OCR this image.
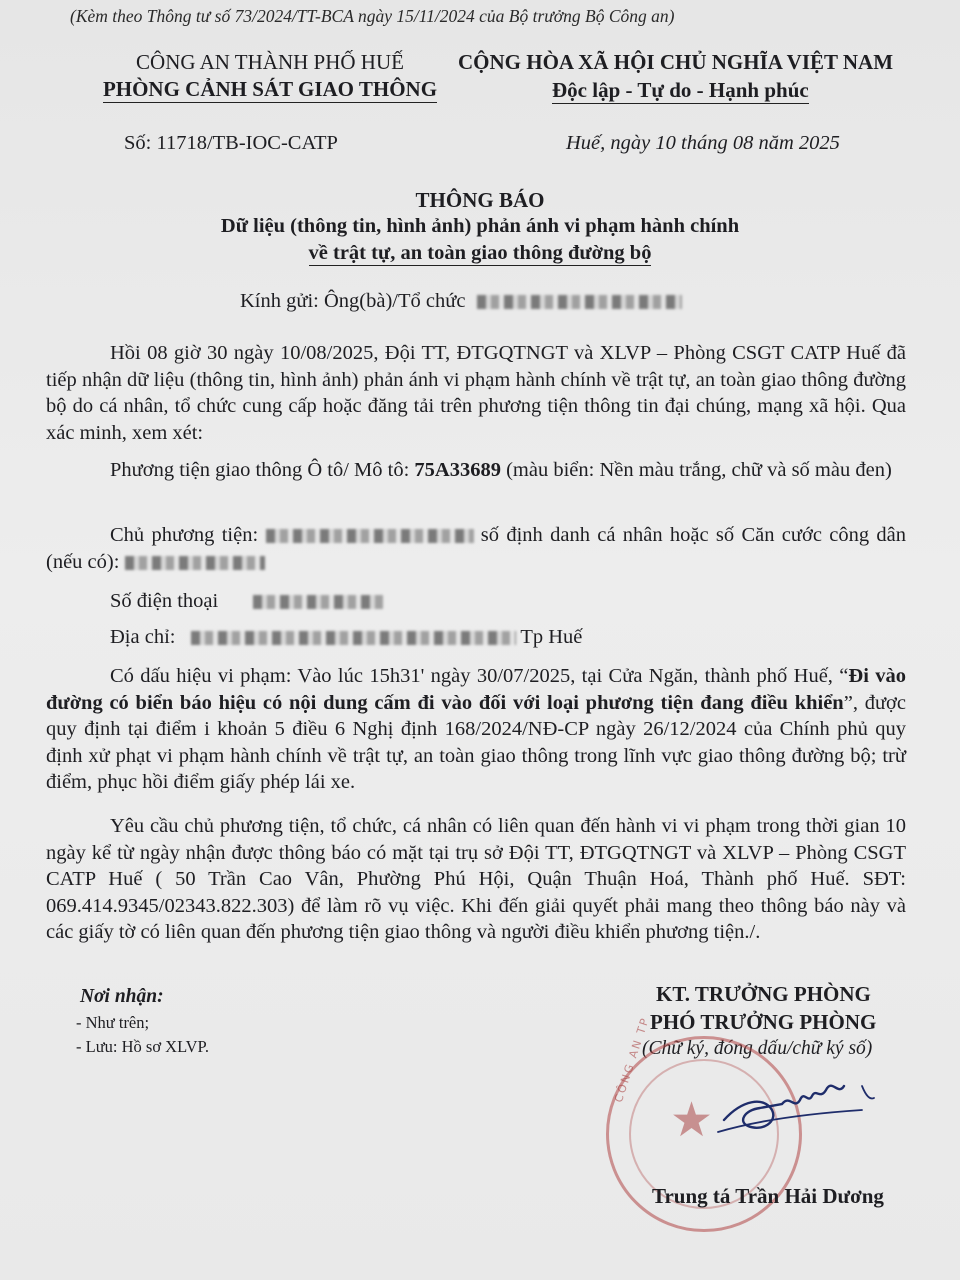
(Kèm theo Thông tư số 73/2024/TT-BCA ngày 15/11/2024 của Bộ trưởng Bộ Công an)
CÔNG AN THÀNH PHỐ HUẾ
PHÒNG CẢNH SÁT GIAO THÔNG
CỘNG HÒA XÃ HỘI CHỦ NGHĨA VIỆT NAM
Độc lập - Tự do - Hạnh phúc
Số: 11718/TB-IOC-CATP	Huế, ngày 10 tháng 08 năm 2025
THÔNG BÁO
Dữ liệu (thông tin, hình ảnh) phản ánh vi phạm hành chính
về trật tự, an toàn giao thông đường bộ
Kính gửi: Ông(bà)/Tổ chức
Hồi 08 giờ 30 ngày 10/08/2025, Đội TT, ĐTGQTNGT và XLVP – Phòng CSGT CATP Huế đã tiếp nhận dữ liệu (thông tin, hình ảnh) phản ánh vi phạm hành chính về trật tự, an toàn giao thông đường bộ do cá nhân, tổ chức cung cấp hoặc đăng tải trên phương tiện thông tin đại chúng, mạng xã hội. Qua xác minh, xem xét:
Phương tiện giao thông Ô tô/ Mô tô: 75A33689 (màu biển: Nền màu trắng, chữ và số màu đen)
Chủ phương tiện:	số định danh cá nhân hoặc số Căn cước công dân (nếu có):
Số điện thoại
Địa chỉ:	Tp Huế
Có dấu hiệu vi phạm: Vào lúc 15h31' ngày 30/07/2025, tại Cửa Ngăn, thành phố Huế, “Đi vào đường có biển báo hiệu có nội dung cấm đi vào đối với loại phương tiện đang điều khiển”, được quy định tại điểm i khoản 5 điều 6 Nghị định 168/2024/NĐ-CP ngày 26/12/2024 của Chính phủ quy định xử phạt vi phạm hành chính về trật tự, an toàn giao thông trong lĩnh vực giao thông đường bộ; trừ điểm, phục hồi điểm giấy phép lái xe.
Yêu cầu chủ phương tiện, tổ chức, cá nhân có liên quan đến hành vi vi phạm trong thời gian 10 ngày kể từ ngày nhận được thông báo có mặt tại trụ sở Đội TT, ĐTGQTNGT và XLVP – Phòng CSGT CATP Huế ( 50 Trần Cao Vân, Phường Phú Hội, Quận Thuận Hoá, Thành phố Huế. SĐT: 069.414.9345/02343.822.303) để làm rõ vụ việc. Khi đến giải quyết phải mang theo thông báo này và các giấy tờ có liên quan đến phương tiện giao thông và người điều khiển phương tiện./.
Nơi nhận:
- Như trên;
- Lưu: Hồ sơ XLVP.
KT. TRƯỞNG PHÒNG
PHÓ TRƯỞNG PHÒNG
(Chữ ký, đóng dấu/chữ ký số)
★
CÔNG AN TP
Trung tá Trần Hải Dương
